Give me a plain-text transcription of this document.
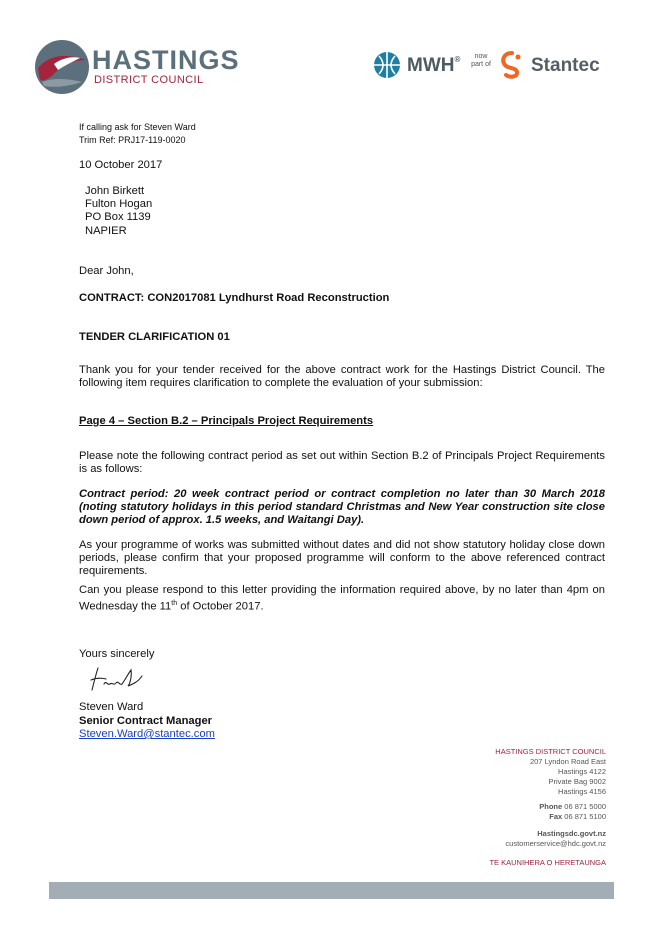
HASTINGS
DISTRICT COUNCIL
MWH®	now part of Stantec
If calling ask for Steven Ward
Trim Ref: PRJ17-119-0020
10 October 2017
John Birkett
Fulton Hogan
PO Box 1139
NAPIER
Dear John,
CONTRACT: CON2017081 Lyndhurst Road Reconstruction
TENDER CLARIFICATION 01
Thank you for your tender received for the above contract work for the Hastings District Council. The following item requires clarification to complete the evaluation of your submission:
Page 4 – Section B.2 – Principals Project Requirements
Please note the following contract period as set out within Section B.2 of Principals Project Requirements is as follows:
Contract period: 20 week contract period or contract completion no later than 30 March 2018 (noting statutory holidays in this period standard Christmas and New Year construction site close down period of approx. 1.5 weeks, and Waitangi Day).
As your programme of works was submitted without dates and did not show statutory holiday close down periods, please confirm that your proposed programme will conform to the above referenced contract requirements.
Can you please respond to this letter providing the information required above, by no later than 4pm on Wednesday the 11th of October 2017.
Yours sincerely
Steven Ward
Senior Contract Manager
Steven.Ward@stantec.com
HASTINGS DISTRICT COUNCIL
207 Lyndon Road East
Hastings 4122
Private Bag 9002
Hastings 4156
Phone 06 871 5000
Fax 06 871 5100
Hastingsdc.govt.nz
customerservice@hdc.govt.nz
TE KAUNIHERA O HERETAUNGA
